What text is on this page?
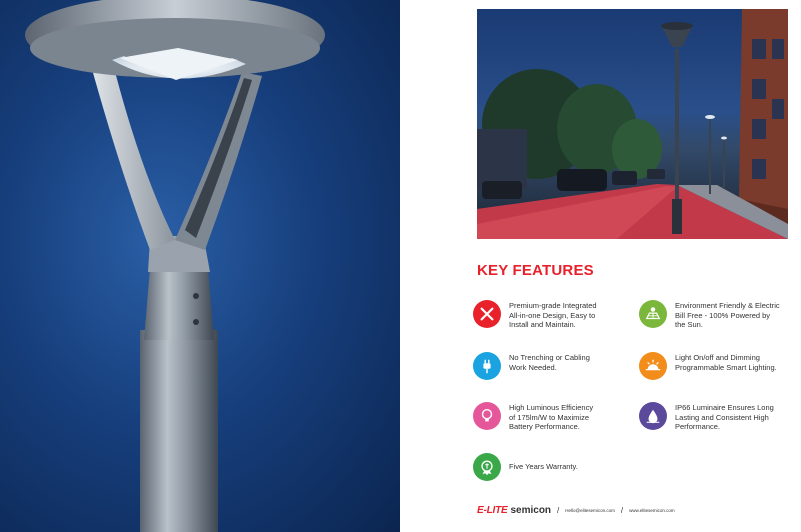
KEY FEATURES
Premium-grade Integrated
All-in-one Design, Easy to
Install and Maintain.
Environment Friendly & Electric
Bill Free - 100% Powered by
the Sun.
No Trenching or Cabling
Work Needed.
Light On/off and Dimming
Programmable Smart Lighting.
High Luminous Efficiency
of 175lm/W to Maximize
Battery Performance.
IP66 Luminaire Ensures Long
Lasting and Consistent High
Performance.
Five Years Warranty.
E-LITE semicon / Hello@elitesemicon.com / www.elitesemicon.com
